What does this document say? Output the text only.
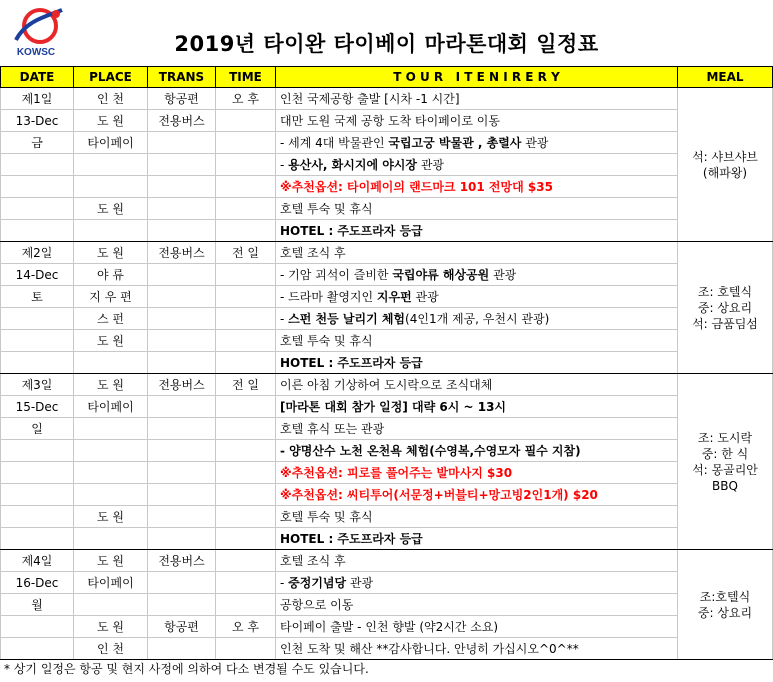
KOWSC	2019년 타이완 타이베이 마라톤대회 일정표
DATE	PLACE	TRANS	TIME	T O U R   I T E N I R E R Y	MEAL
제1일	인 천	항공편	오 후	인천 국제공항 출발 [시차 -1 시간]	석: 샤브샤브
(해파왕)

13-Dec	도 원	전용버스		대만 도원 국제 공항 도착 타이페이로 이동	
금	타이페이			- 세계 4대 박물관인 국립고궁 박물관 , 총렬사 관광	
				- 용산사, 화시지에 야시장 관광	
				※추천옵션: 타이페이의 랜드마크 101 전망대 $35	
	도 원			호텔 투숙 및 휴식	
				HOTEL : 주도프라자 등급	
제2일	도 원	전용버스	전 일	호텔 조식 후	조: 호텔식
중: 상요리
석: 금품딤섬

14-Dec	야 류			- 기암 괴석이 즐비한 국립야류 해상공원 관광	
토	지 우 편			- 드라마 촬영지인 지우펀 관광	
	스 펀			- 스펀 천등 날리기 체험(4인1개 제공, 우천시 관광)	
	도 원			호텔 투숙 및 휴식	
				HOTEL : 주도프라자 등급	
제3일	도 원	전용버스	전 일	이른 아침 기상하여 도시락으로 조식대체	조: 도시락
중: 한 식
석: 몽골리안
BBQ

15-Dec	타이페이			[마라톤 대회 참가 일정] 대략 6시 ~ 13시	
일				호텔 휴식 또는 관광	
				- 양명산수 노천 온천욕 체험(수영복,수영모자 필수 지참)	
				※추천옵션: 피로를 풀어주는 발마사지 $30	
				※추천옵션: 씨티투어(서문정+버블티+망고빙2인1개) $20	
	도 원			호텔 투숙 및 휴식	
				HOTEL : 주도프라자 등급	
제4일	도 원	전용버스		호텔 조식 후	조:호텔식
중: 상요리

16-Dec	타이페이			- 중정기념당 관광	
월				공항으로 이동	
	도 원	항공편	오 후	타이페이 출발 - 인천 향발 (약2시간 소요)	
	인 천			인천 도착 및 해산 **감사합니다. 안녕히 가십시오^0^**	
* 상기 일정은 항공 및 현지 사정에 의하여 다소 변경될 수도 있습니다.
